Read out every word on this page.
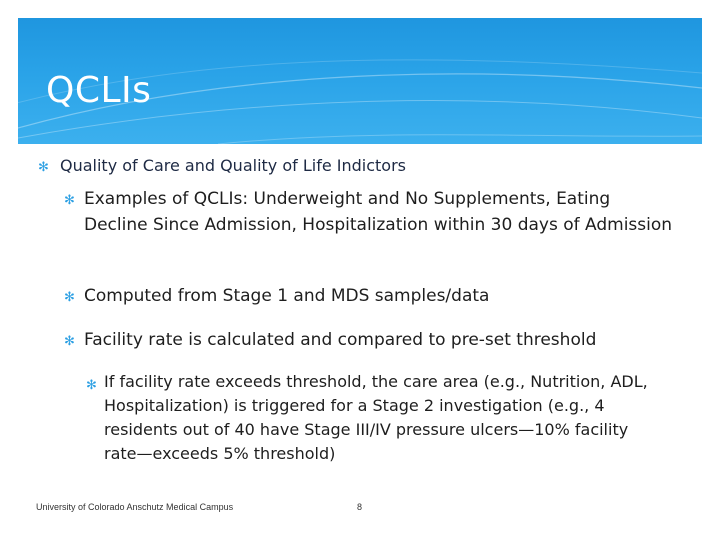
QCLIs
✻ Quality of Care and Quality of Life Indictors
✻ Examples of QCLIs: Underweight and No Supplements, Eating Decline Since Admission, Hospitalization within 30 days of Admission
✻ Computed from Stage 1 and MDS samples/data
✻ Facility rate is calculated and compared to pre-set threshold
✻ If facility rate exceeds threshold, the care area (e.g., Nutrition, ADL, Hospitalization) is triggered for a Stage 2 investigation (e.g., 4 residents out of 40 have Stage III/IV pressure ulcers—10% facility rate—exceeds 5% threshold)
University of Colorado Anschutz Medical Campus	8
